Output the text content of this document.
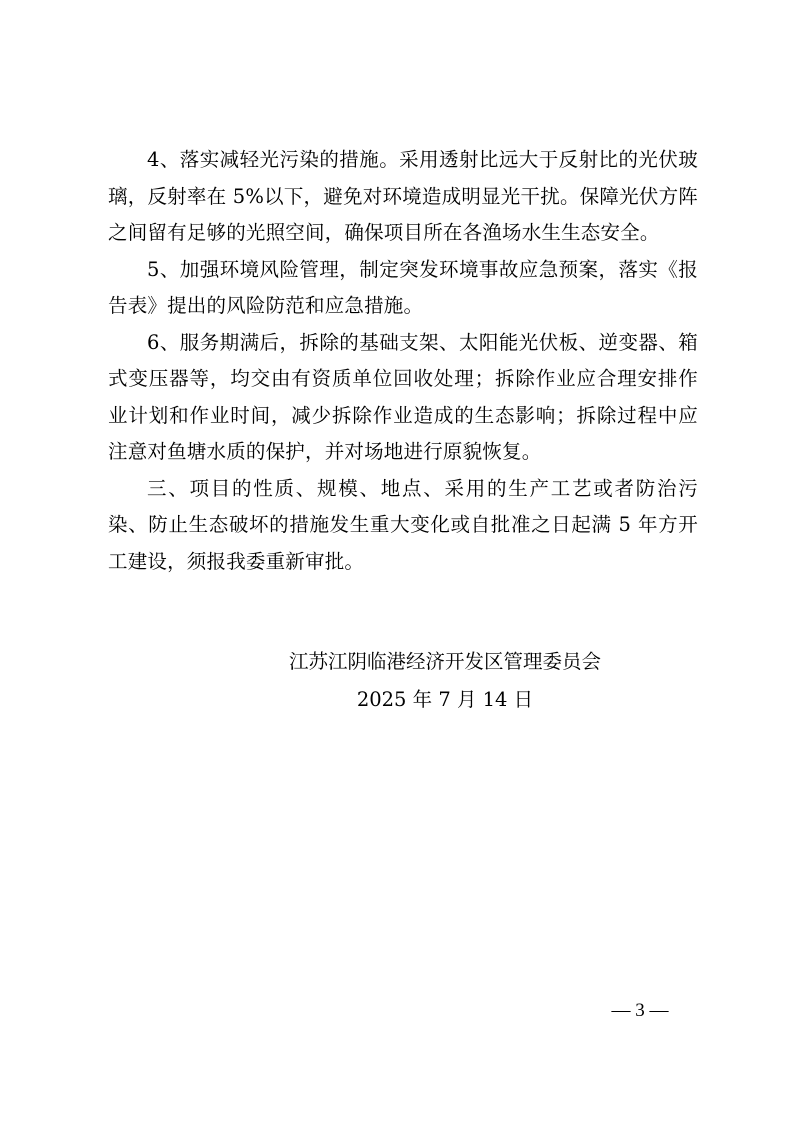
4、落实减轻光污染的措施。采用透射比远大于反射比的光伏玻璃，反射率在 5%以下，避免对环境造成明显光干扰。保障光伏方阵之间留有足够的光照空间，确保项目所在各渔场水生生态安全。

5、加强环境风险管理，制定突发环境事故应急预案，落实《报告表》提出的风险防范和应急措施。

6、服务期满后，拆除的基础支架、太阳能光伏板、逆变器、箱式变压器等，均交由有资质单位回收处理；拆除作业应合理安排作业计划和作业时间，减少拆除作业造成的生态影响；拆除过程中应注意对鱼塘水质的保护，并对场地进行原貌恢复。

三、项目的性质、规模、地点、采用的生产工艺或者防治污染、防止生态破坏的措施发生重大变化或自批准之日起满 5 年方开工建设，须报我委重新审批。

江苏江阴临港经济开发区管理委员会
2025 年 7 月 14 日
— 3 —
